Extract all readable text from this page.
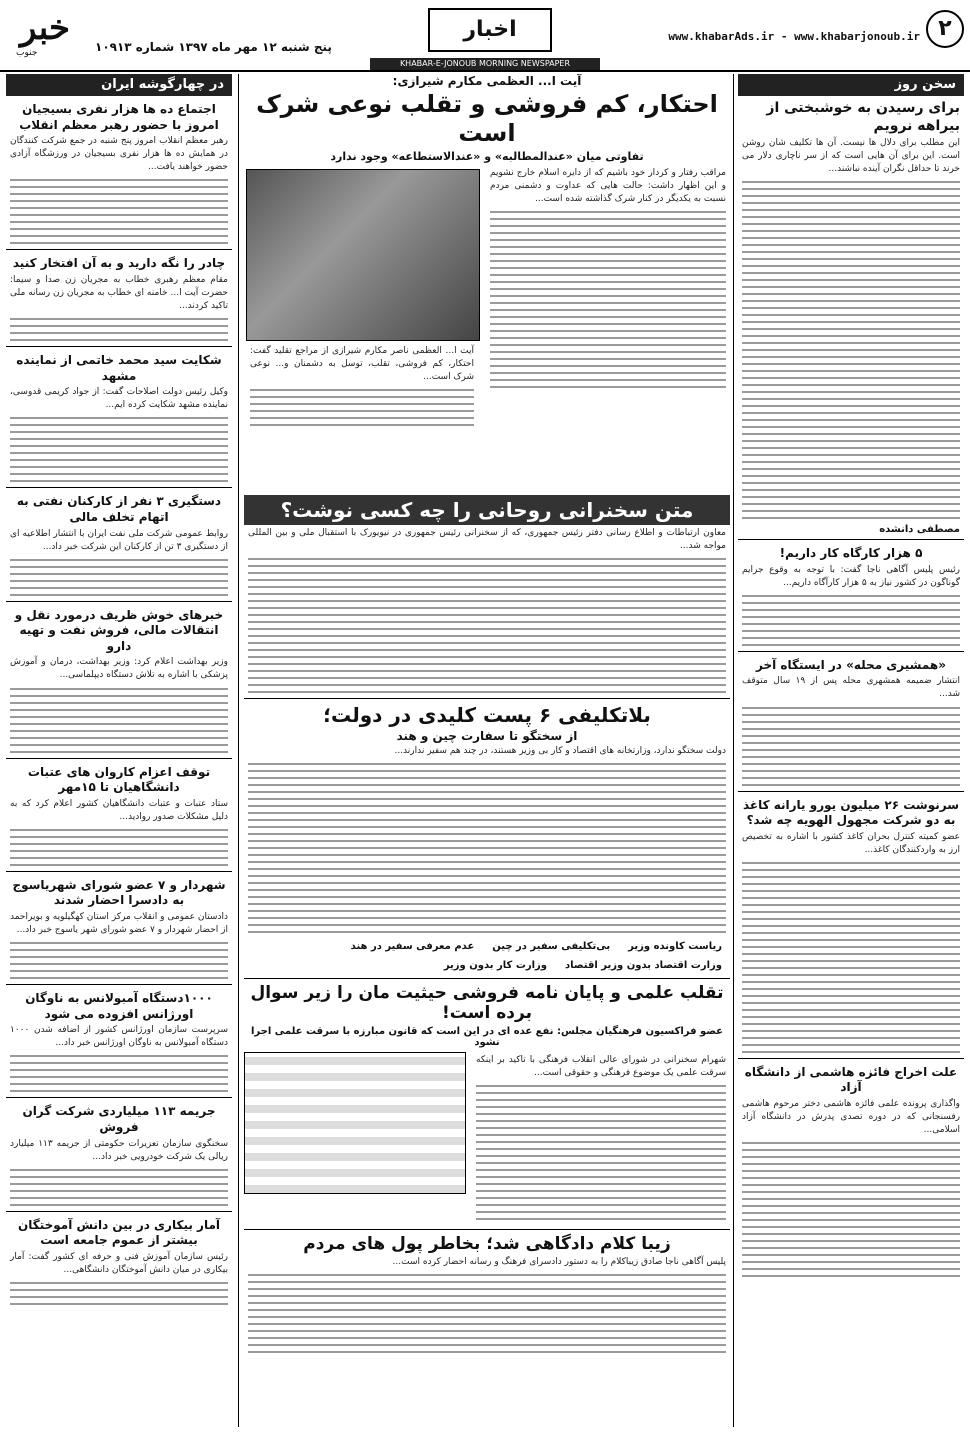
۲
www.khabarAds.ir - www.khabarjonoub.ir
اخبار
پنج شنبه ۱۲ مهر ماه ۱۳۹۷ شماره ۱۰۹۱۳
خبر
جنوب
KHABAR-E-JONOUB MORNING NEWSPAPER
سخن روز
برای رسیدن به خوشبختی از بیراهه نرویم
این مطلب برای دلال ها نیست. آن ها تکلیف شان روشن است. این برای آن هایی است که از سر ناچاری دلار می خرند تا حداقل نگران آینده نباشند...
مصطفی دانشده
۵ هزار کارگاه کار داریم!
رئیس پلیس آگاهی ناجا گفت: با توجه به وقوع جرایم گوناگون در کشور نیاز به ۵ هزار کارآگاه داریم...
«همشیری محله» در ایستگاه آخر
انتشار ضمیمه همشهری محله پس از ۱۹ سال متوقف شد...
سرنوشت ۲۶ میلیون یورو یارانه کاغذ به دو شرکت مجهول الهویه چه شد؟
عضو کمیته کنترل بحران کاغذ کشور با اشاره به تخصیص ارز به واردکنندگان کاغذ...
علت اخراج فائزه هاشمی از دانشگاه آزاد
واگذاری پرونده علمی فائزه هاشمی دختر مرحوم هاشمی رفسنجانی که در دوره تصدی پدرش در دانشگاه آزاد اسلامی...
آیت ا... العظمی مکارم شیرازی:
احتکار، کم فروشی و تقلب نوعی شرک است
تفاوتی میان «عندالمطالبه» و «عندالاستطاعه» وجود ندارد
آیت ا... العظمی ناصر مکارم شیرازی از مراجع تقلید گفت: احتکار، کم فروشی، تقلب، توسل به دشمنان و... نوعی شرک است...
مراقب رفتار و کردار خود باشیم که از دایره اسلام خارج نشویم و این اظهار داشت: حالت هایی که عداوت و دشمنی مردم نسبت به یکدیگر در کنار شرک گذاشته شده است...
متن سخنرانی روحانی را چه کسی نوشت؟
معاون ارتباطات و اطلاع رسانی دفتر رئیس جمهوری، که از سخنرانی رئیس جمهوری در نیویورک با استقبال ملی و بین المللی مواجه شد...
بلاتکلیفی ۶ پست کلیدی در دولت؛
از سختگو تا سفارت چین و هند
دولت سختگو ندارد، وزارتخانه های اقتصاد و کار بی وزیر هستند، در چند هم سفیر ندارند...
ریاست کاونده وزیر
بی‌تکلیفی سفیر در چین
عدم معرفی سفیر در هند
وزارت اقتصاد بدون وزیر اقتصاد
وزارت کار بدون وزیر
تقلب علمی و پایان نامه فروشی حیثیت مان را زیر سوال برده است!
عضو فراکسیون فرهنگیان مجلس: نفع عده ای در این است که قانون مبارزه با سرقت علمی اجرا نشود
شهرام سخنرانی در شورای عالی انقلاب فرهنگی با تاکید بر اینکه سرقت علمی یک موضوع فرهنگی و حقوقی است...
زیبا کلام دادگاهی شد؛ بخاطر پول های مردم
پلیس آگاهی ناجا صادق زیباکلام را به دستور دادسرای فرهنگ و رسانه احضار کرده است...
در چهارگوشه ایران
اجتماع ده ها هزار نفری بسیجیان امروز با حضور رهبر معظم انقلاب
رهبر معظم انقلاب امروز پنج شنبه در جمع شرکت کنندگان در همایش ده ها هزار نفری بسیجیان در ورزشگاه آزادی حضور خواهند یافت...
چادر را نگه دارید و به آن افتخار کنید
مقام معظم رهبری خطاب به مجریان زن صدا و سیما: حضرت آیت ا... خامنه ای خطاب به مجریان زن رسانه ملی تاکید کردند...
شکایت سید محمد خاتمی از نماینده مشهد
وکیل رئیس دولت اصلاحات گفت: از جواد کریمی قدوسی، نماینده مشهد شکایت کرده ایم...
دستگیری ۳ نفر از کارکنان نفتی به اتهام تخلف مالی
روابط عمومی شرکت ملی نفت ایران با انتشار اطلاعیه ای از دستگیری ۳ تن از کارکنان این شرکت خبر داد...
خبرهای خوش ظریف درمورد نقل و انتقالات مالی، فروش نفت و تهیه دارو
وزیر بهداشت اعلام کرد: وزیر بهداشت، درمان و آموزش پزشکی با اشاره به تلاش دستگاه دیپلماسی...
توقف اعزام کاروان های عتبات دانشگاهیان تا ۱۵مهر
ستاد عتبات و عتبات دانشگاهیان کشور اعلام کرد که به دلیل مشکلات صدور روادید...
شهردار و ۷ عضو شورای شهریاسوج به دادسرا احضار شدند
دادستان عمومی و انقلاب مرکز استان کهگیلویه و بویراحمد از احضار شهردار و ۷ عضو شورای شهر یاسوج خبر داد...
۱۰۰۰دستگاه آمبولانس به ناوگان اورژانس افزوده می شود
سرپرست سازمان اورژانس کشور از اضافه شدن ۱۰۰۰ دستگاه آمبولانس به ناوگان اورژانس خبر داد...
جریمه ۱۱۳ میلیاردی شرکت گران فروش
سخنگوی سازمان تعزیرات حکومتی از جریمه ۱۱۳ میلیارد ریالی یک شرکت خودرویی خبر داد...
آمار بیکاری در بین دانش آموختگان بیشتر از عموم جامعه است
رئیس سازمان آموزش فنی و حرفه ای کشور گفت: آمار بیکاری در میان دانش آموختگان دانشگاهی...
